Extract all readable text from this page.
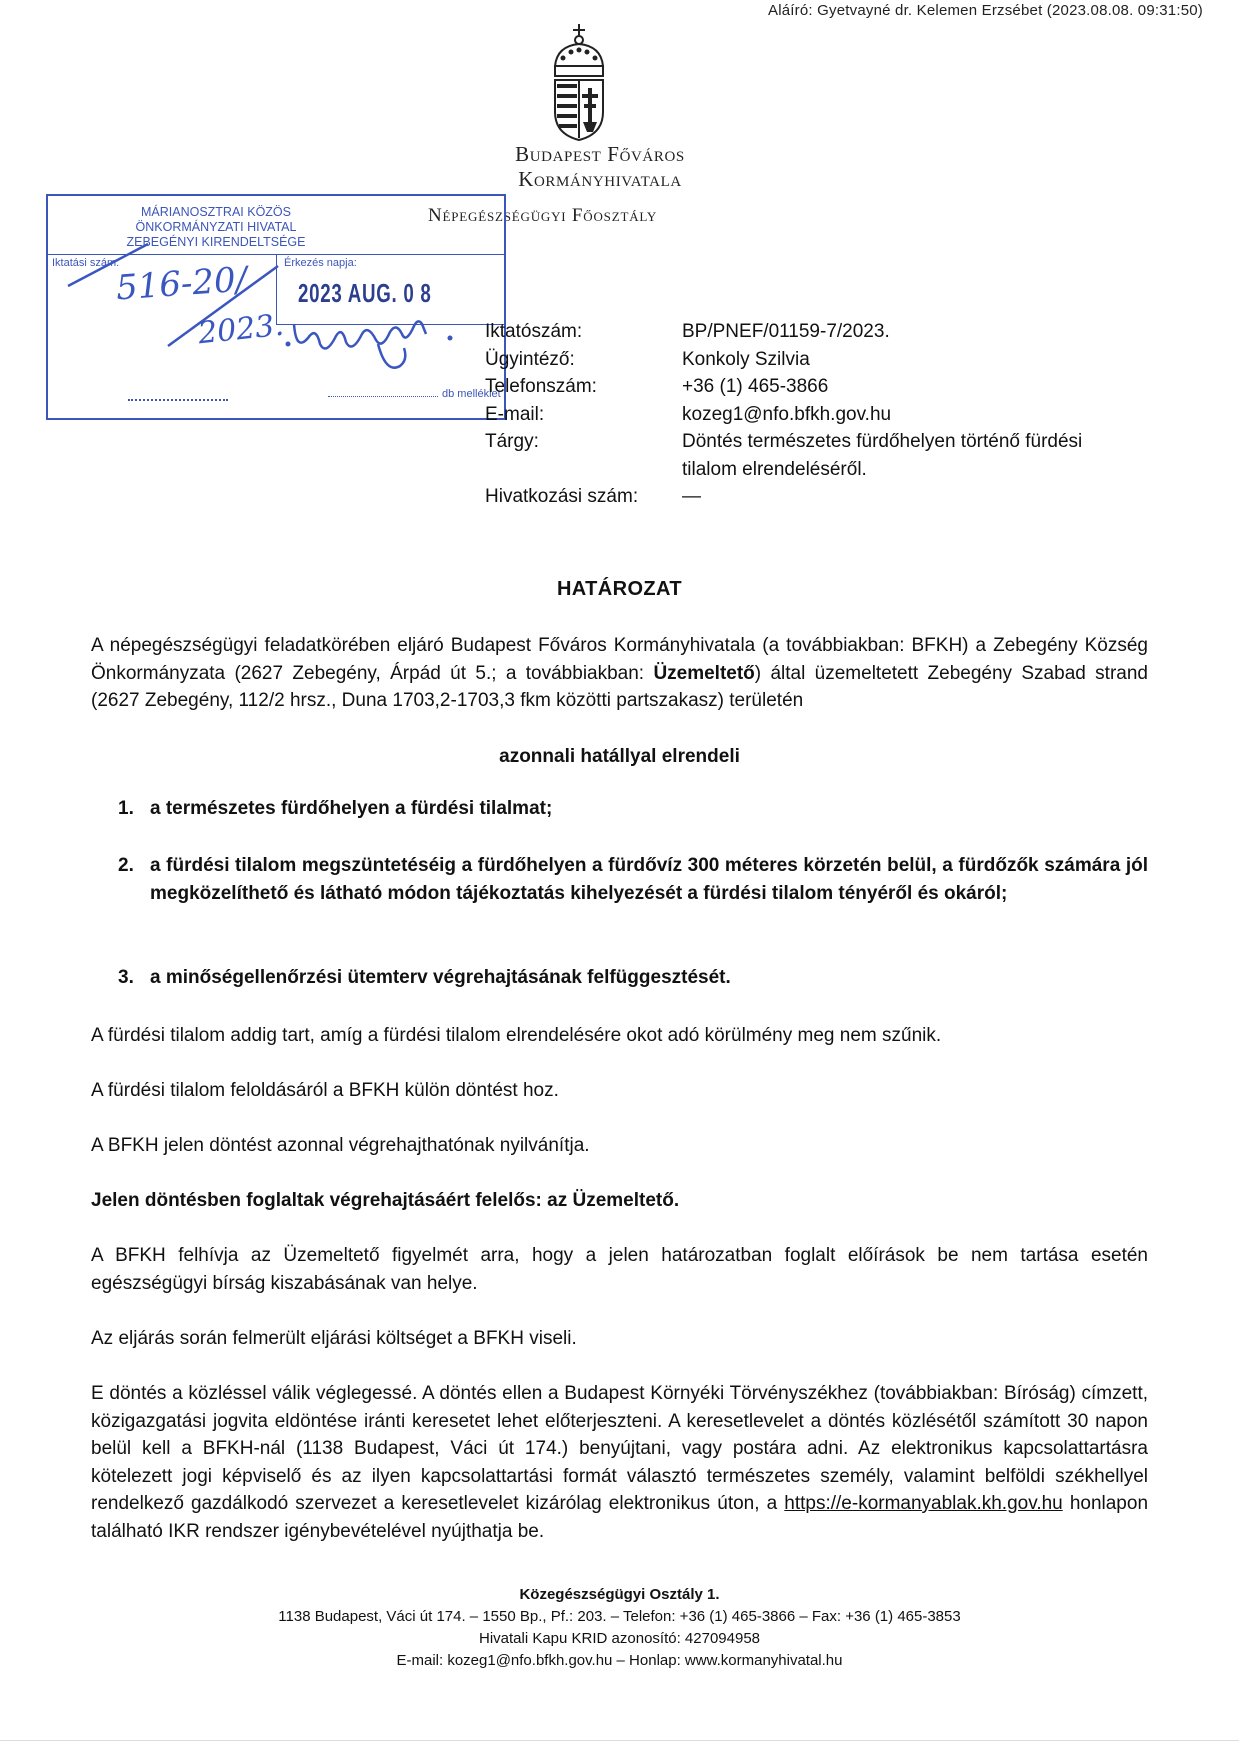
Aláíró: Gyetvayné dr. Kelemen Erzsébet (2023.08.08. 09:31:50)
Budapest Főváros
Kormányhivatala
Népegészségügyi Főosztály
MÁRIANOSZTRAI KÖZÖS
ÖNKORMÁNYZATI HIVATAL
ZEBEGÉNYI KIRENDELTSÉGE
Iktatási szám:	Érkezés napja:
2023 AUG. 0 8
516-20/
2023.
db melléklet
Iktatószám:	BP/PNEF/01159-7/2023.
Ügyintéző:	Konkoly Szilvia
Telefonszám:	+36 (1) 465-3866
E-mail:	kozeg1@nfo.bfkh.gov.hu
Tárgy:	Döntés természetes fürdőhelyen történő fürdési tilalom elrendeléséről.
Hivatkozási szám:	—
HATÁROZAT
A népegészségügyi feladatkörében eljáró Budapest Főváros Kormányhivatala (a továbbiakban: BFKH) a Zebegény Község Önkormányzata (2627 Zebegény, Árpád út 5.; a továbbiakban: Üzemeltető) által üzemeltetett Zebegény Szabad strand (2627 Zebegény, 112/2 hrsz., Duna 1703,2-1703,3 fkm közötti partszakasz) területén
azonnali hatállyal elrendeli
1. a természetes fürdőhelyen a fürdési tilalmat;
2. a fürdési tilalom megszüntetéséig a fürdőhelyen a fürdővíz 300 méteres körzetén belül, a fürdőzők számára jól megközelíthető és látható módon tájékoztatás kihelyezését a fürdési tilalom tényéről és okáról;
3. a minőségellenőrzési ütemterv végrehajtásának felfüggesztését.
A fürdési tilalom addig tart, amíg a fürdési tilalom elrendelésére okot adó körülmény meg nem szűnik.
A fürdési tilalom feloldásáról a BFKH külön döntést hoz.
A BFKH jelen döntést azonnal végrehajthatónak nyilvánítja.
Jelen döntésben foglaltak végrehajtásáért felelős: az Üzemeltető.
A BFKH felhívja az Üzemeltető figyelmét arra, hogy a jelen határozatban foglalt előírások be nem tartása esetén egészségügyi bírság kiszabásának van helye.
Az eljárás során felmerült eljárási költséget a BFKH viseli.
E döntés a közléssel válik véglegessé. A döntés ellen a Budapest Környéki Törvényszékhez (továbbiakban: Bíróság) címzett, közigazgatási jogvita eldöntése iránti keresetet lehet előterjeszteni. A keresetlevelet a döntés közlésétől számított 30 napon belül kell a BFKH-nál (1138 Budapest, Váci út 174.) benyújtani, vagy postára adni. Az elektronikus kapcsolattartásra kötelezett jogi képviselő és az ilyen kapcsolattartási formát választó természetes személy, valamint belföldi székhellyel rendelkező gazdálkodó szervezet a keresetlevelet kizárólag elektronikus úton, a https://e-kormanyablak.kh.gov.hu honlapon található IKR rendszer igénybevételével nyújthatja be.
Közegészségügyi Osztály 1.
1138 Budapest, Váci út 174. – 1550 Bp., Pf.: 203. – Telefon: +36 (1) 465-3866 – Fax: +36 (1) 465-3853
Hivatali Kapu KRID azonosító: 427094958
E-mail: kozeg1@nfo.bfkh.gov.hu – Honlap: www.kormanyhivatal.hu
